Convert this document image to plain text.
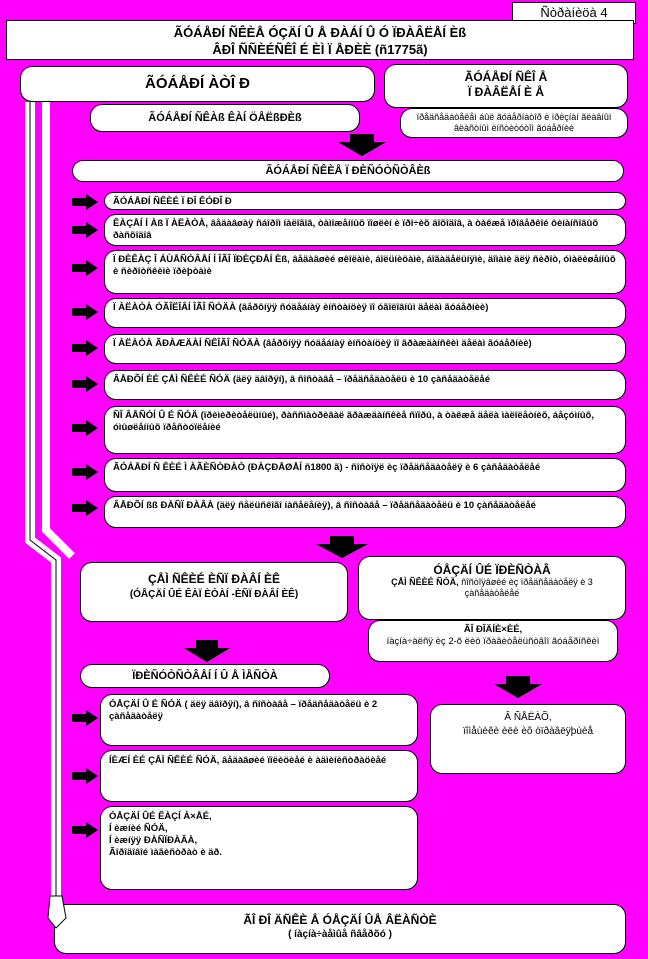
Ñòðàíèöà 4
ÃÓÁÅÐÍ ÑÊÈÅ ÓÇÄÍ Û Å ÐÀÁÍ Û Ó ÏÐÀÂËÅÍ Èß
ÂÐÎ ÑÑÈÉÑÊÎ É ÈÌ Ï ÅÐÈÈ (ñ1775ã)
ÃÓÁÅÐÍ ÀÒÎ Ð
ÃÓÁÅÐÍ ÑÊÀß ÊÀÍ ÖÅËßÐÈß
ÃÓÁÅÐÍ ÑÊÎ Å
Ï ÐÀÂËÅÍ È Å
ïðåäñåäàòåëåì áûë ãóáåðíàòîð è ïðèçíàí ãëàâíûì âëàñòíûì èíñòèòóòîì ãóáåðíèè
ÃÓÁÅÐÍ ÑÊÈÅ Ï ÐÈÑÓÒÑÒÂÈß
ÃÓÁÅÐÍ ÑÊÈÉ Ï ÐÎ ÊÓÐÎ Ð
ÊÀÇÅÍ Í Àß Ï ÀËÀÒÀ, âåäàâøàÿ ñáîðîì íàëîãîâ, òàìîæåííûõ ïîøëèí è ïðî÷èõ äîõîäîâ, à òàêæå ïðîâåðêîé ôèíàíñîâûõ ðàñõîäîâ
Ï ÐÈÊÀÇ Î ÁÙÅÑÒÂÅÍ Í ÎÃÎ ÏÐÈÇÐÅÍ Èß, âåäàâøèé øêîëàìè, áîëüíèöàìè, áîãàäåëüíÿìè, äîìàìè äëÿ ñèðîò, óìàëèøåííûõ è ñèðîòñêèìè ïðèþòàìè
Ï ÀËÀÒÀ ÓÃÎËÎÂÍ ÎÃÎ ÑÓÄÀ (âåðõíÿÿ ñóäåáíàÿ èíñòàíöèÿ ïî óãîëîâíûì äåëàì ãóáåðíèè)
Ï ÀËÀÒÀ ÃÐÀÆÄÀÍ ÑÊÎÃÎ ÑÓÄÀ (âåðõíÿÿ ñóäåáíàÿ èíñòàíöèÿ ïî ãðàæäàíñêèì äåëàì ãóáåðíèè)
ÂÅÐÕÍ ÈÉ ÇÅÌ ÑÊÈÉ ÑÓÄ (äëÿ äâîðÿí), â ñîñòàâå – ïðåäñåäàòåëü è 10 çàñåäàòåëåé
ÑÎ ÂÅÑÒÍ Û É ÑÓÄ (ïðèìèðèòåëüíûé), ðàññìàòðèâàë ãðàæäàíñêèå ñïîðû, à òàêæå äåëà ìàëîëåòíèõ, áåçóìíûõ, óìûøëåííûõ ïðåñòóïëåíèé
ÃÓÁÅÐÍ Ñ ÊÈÉ Ì ÀÃÈÑÒÐÀÒ (ÐÀÇÐÅØÅÍ ñ1800 ã) - ñîñòîÿë èç ïðåäñåäàòåëÿ è 6 çàñåäàòåëåé
ÂÅÐÕÍ ßß ÐÀÑÏ ÐÀÂÀ (äëÿ ñåëüñêîãî íàñåëåíèÿ), â ñîñòàâå – ïðåäñåäàòåëü è 10 çàñåäàòåëåé
ÇÅÌ ÑÊÈÉ ÈÑÏ ÐÀÂÍ ÈÊ
(ÓÅÇÄÍ ÛÉ ÊÀÏ ÈÒÀÍ -ÈÑÏ ÐÀÂÍ ÈÊ)
ÓÅÇÄÍ ÛÉ ÏÐÈÑÒÀÂ
ÇÅÌ ÑÊÈÉ ÑÓÄ, ñîñòîÿâøèé èç ïðåäñåäàòåëÿ è 3 çàñåäàòåëåé
ÃÎ ÐÎÄÍÈ×ÈÉ,
íàçíà÷àëñÿ èç 2-õ ëèö ïðàâèòåëüñòâîì ãóáåðíñêèì
ÏÐÈÑÓÒÑÒÂÅÍ Í Û Å ÌÅÑÒÀ
ÓÅÇÄÍ Û É ÑÓÄ ( äëÿ äâîðÿí), â ñîñòàâå – ïðåäñåäàòåëü è 2 çàñåäàòåëÿ
ÍÈÆÍ ÈÉ ÇÅÌ ÑÊÈÉ ÑÓÄ, âåäàâøèé ïîëèöèåé è àäìèíèñòðàöèåé
ÓÅÇÄÍ ÛÉ ÊÀÇÍ À×ÅÉ,
Í èæíèé ÑÓÄ,
Í èæíÿÿ ÐÀÑÏÐÀÂÀ,
Ãîðîäîâîé ìàãèñòðàò è äð.
Â ÑÅËÀÕ,
ïîìåùèêè èëè èõ óïðàâëÿþùèå
ÃÎ ÐÎ ÄÑÊÈ Å ÓÅÇÄÍ ÛÅ ÂËÀÑÒÈ
( íàçíà÷àåìûå ñâåðõó )
